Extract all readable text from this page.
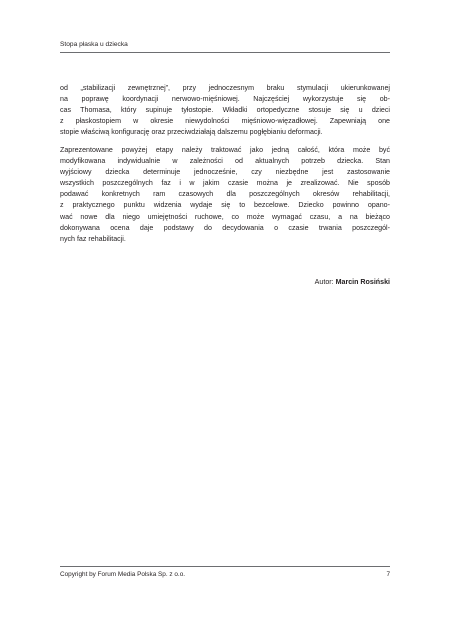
Stopa płaska u dziecka
od „stabilizacji zewnętrznej”, przy jednoczesnym braku stymulacji ukierunkowanej
na poprawę koordynacji nerwowo-mięśniowej. Najczęściej wykorzystuje się ob-
cas Thomasa, który supinuje tyłostopie. Wkładki ortopedyczne stosuje się u dzieci
z płaskostopiem w okresie niewydolności mięśniowo-więzadłowej. Zapewniają one
stopie właściwą konfigurację oraz przeciwdziałają dalszemu pogłębianiu deformacji.
Zaprezentowane powyżej etapy należy traktować jako jedną całość, która może być
modyfikowana indywidualnie w zależności od aktualnych potrzeb dziecka. Stan
wyjściowy dziecka determinuje jednocześnie, czy niezbędne jest zastosowanie
wszystkich poszczególnych faz i w jakim czasie można je zrealizować. Nie sposób
podawać konkretnych ram czasowych dla poszczególnych okresów rehabilitacji,
z praktycznego punktu widzenia wydaje się to bezcelowe. Dziecko powinno opano-
wać nowe dla niego umiejętności ruchowe, co może wymagać czasu, a na bieżąco
dokonywana ocena daje podstawy do decydowania o czasie trwania poszczegól-
nych faz rehabilitacji.
Autor: Marcin Rosiński
Copyright by Forum Media Polska Sp. z o.o.	7
